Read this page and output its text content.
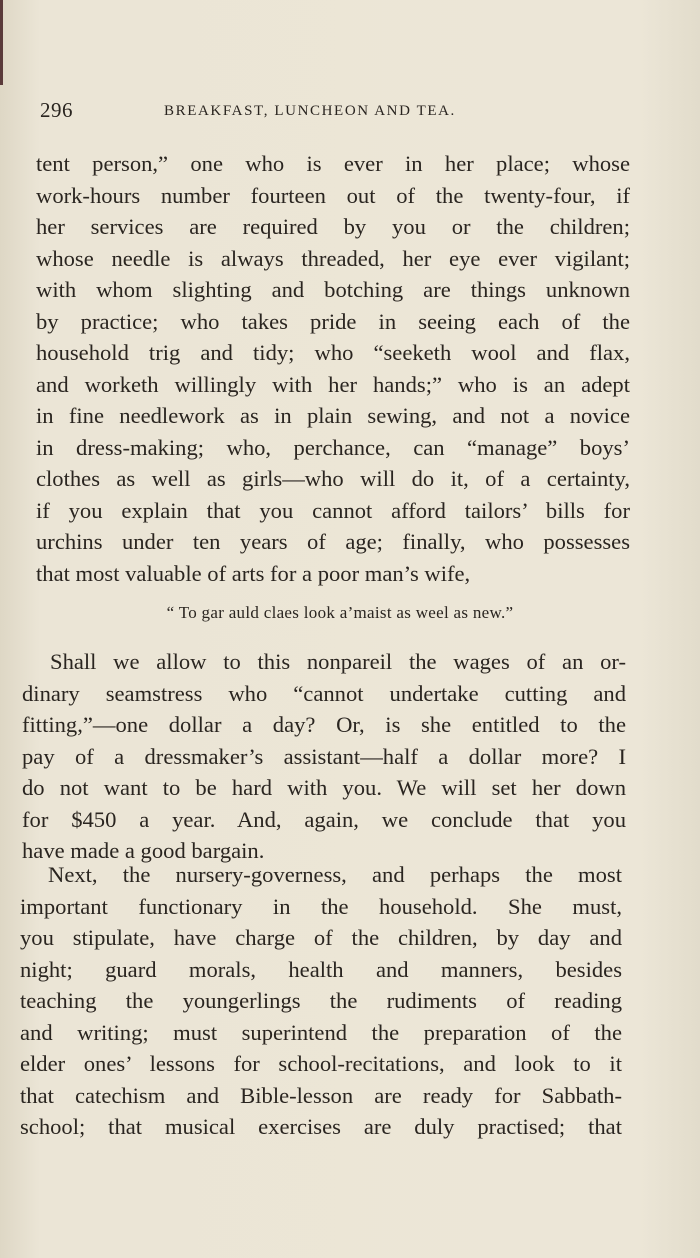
296	BREAKFAST, LUNCHEON AND TEA.
tent person,” one who is ever in her place; whose
work-hours number fourteen out of the twenty-four, if
her services are required by you or the children;
whose needle is always threaded, her eye ever vigilant;
with whom slighting and botching are things unknown
by practice; who takes pride in seeing each of the
household trig and tidy; who “seeketh wool and flax,
and worketh willingly with her hands;” who is an adept
in fine needlework as in plain sewing, and not a novice
in dress-making; who, perchance, can “manage” boys’
clothes as well as girls—who will do it, of a certainty,
if you explain that you cannot afford tailors’ bills for
urchins under ten years of age; finally, who possesses
that most valuable of arts for a poor man’s wife,
“ To gar auld claes look a’maist as weel as new.”
Shall we allow to this nonpareil the wages of an or-
dinary seamstress who “cannot undertake cutting and
fitting,”—one dollar a day? Or, is she entitled to the
pay of a dressmaker’s assistant—half a dollar more? I
do not want to be hard with you. We will set her down
for $450 a year. And, again, we conclude that you
have made a good bargain.
Next, the nursery-governess, and perhaps the most
important functionary in the household. She must,
you stipulate, have charge of the children, by day and
night; guard morals, health and manners, besides
teaching the youngerlings the rudiments of reading
and writing; must superintend the preparation of the
elder ones’ lessons for school-recitations, and look to it
that catechism and Bible-lesson are ready for Sabbath-
school; that musical exercises are duly practised; that
